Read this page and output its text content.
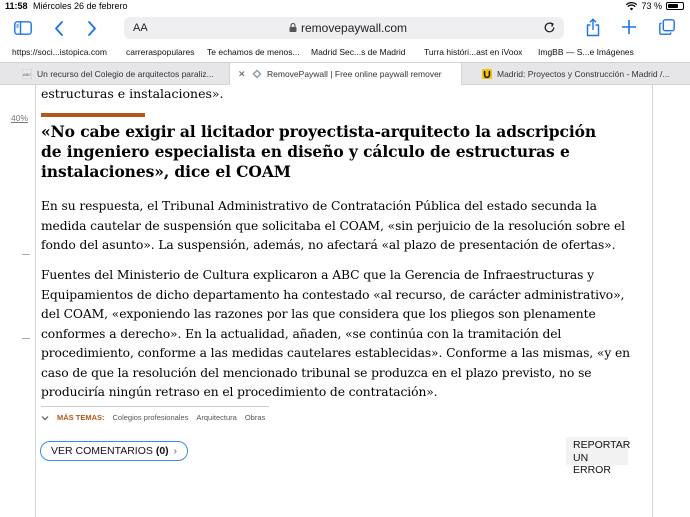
11:58 Miércoles 26 de febrero	73 %
AA	removepaywall.com
https://soci...istopica.com carreraspopulares Te echamos de menos... Madrid Sec...s de Madrid Turra históri...ast en iVoox ImgBB — S...e Imágenes
ABC Un recurso del Colegio de arquitectos paraliz...	✕	RemovePaywall | Free online paywall remover	Madrid: Proyectos y Construcción - Madrid /...
40%
estructuras e instalaciones».
«No cabe exigir al licitador proyectista-arquitecto la adscripción de ingeniero especialista en diseño y cálculo de estructuras e instalaciones», dice el COAM

En su respuesta, el Tribunal Administrativo de Contratación Pública del estado secunda la medida cautelar de suspensión que solicitaba el COAM, «sin perjuicio de la resolución sobre el fondo del asunto». La suspensión, además, no afectará «al plazo de presentación de ofertas».

Fuentes del Ministerio de Cultura explicaron a ABC que la Gerencia de Infraestructuras y Equipamientos de dicho departamento ha contestado «al recurso, de carácter administrativo», del COAM, «exponiendo las razones por las que considera que los pliegos son plenamente conformes a derecho». En la actualidad, añaden, «se continúa con la tramitación del procedimiento, conforme a las medidas cautelares establecidas». Conforme a las mismas, «y en caso de que la resolución del mencionado tribunal se produzca en el plazo previsto, no se produciría ningún retraso en el procedimiento de contratación».

MÁS TEMAS: Colegios profesionales Arquitectura Obras
VER COMENTARIOS (0) ›	REPORTAR
UN ERROR
